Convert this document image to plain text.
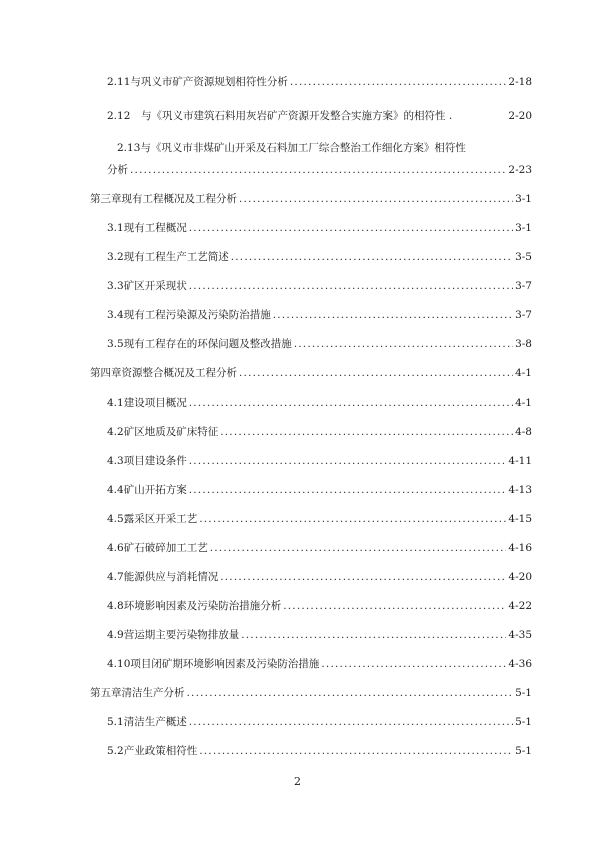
2.11 与巩义市矿产资源规划相符性分析 .....	2-18
2.12	与《巩义市建筑石料用灰岩矿产资源开发整合实施方案》的相符性 .	2-20
2.13与《巩义市非煤矿山开采及石料加工厂综合整治工作细化方案》相符性
分析 .....	2-23
第三章 现有工程概况及工程分析 .....	3-1
3.1 现有工程概况 .....	3-1
3.2 现有工程生产工艺简述 .....	3-5
3.3 矿区开采现状 .....	3-7
3.4 现有工程污染源及污染防治措施 .....	3-7
3.5 现有工程存在的环保问题及整改措施 .....	3-8
第四章 资源整合概况及工程分析 .....	4-1
4.1 建设项目概况 .....	4-1
4.2 矿区地质及矿床特征 .....	4-8
4.3 项目建设条件 .....	4-11
4.4 矿山开拓方案 .....	4-13
4.5 露采区开采工艺 .....	4-15
4.6 矿石破碎加工工艺 .....	4-16
4.7 能源供应与消耗情况 .....	4-20
4.8 环境影响因素及污染防治措施分析 .....	4-22
4.9 营运期主要污染物排放量 .....	4-35
4.10 项目闭矿期环境影响因素及污染防治措施 .....	4-36
第五章 清洁生产分析 .....	5-1
5.1 清洁生产概述 .....	5-1
5.2 产业政策相符性 .....	5-1
2
